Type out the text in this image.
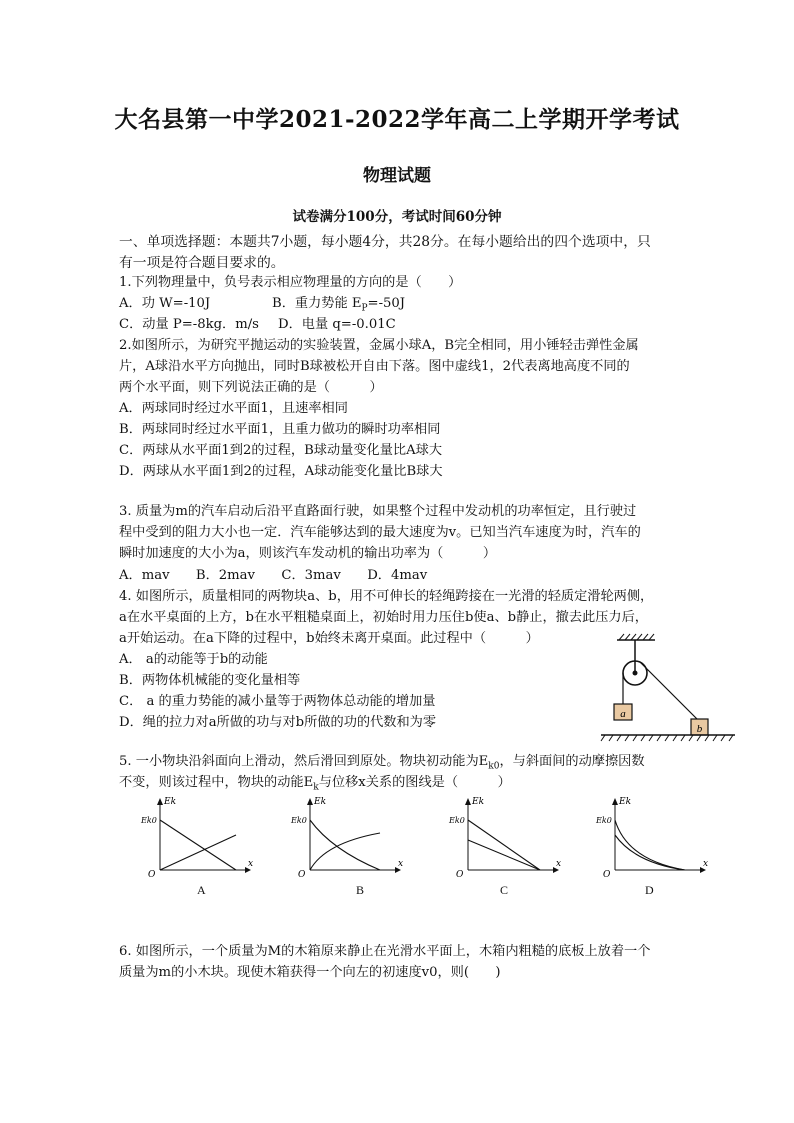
大名县第一中学2021-2022学年高二上学期开学考试
物理试题
试卷满分100分，考试时间60分钟
一、单项选择题：本题共7小题，每小题4分，共28分。在每小题给出的四个选项中，只
有一项是符合题目要求的。
1.下列物理量中，负号表示相应物理量的方向的是（　　）
A．功 W=-10J	B．重力势能 $E_P=-50J$
C．动量 P=-8kg．m/s D．电量 q=-0.01C
2.如图所示，为研究平抛运动的实验装置，金属小球A，B完全相同，用小锤轻击弹性金属
片，A球沿水平方向抛出，同时B球被松开自由下落。图中虚线1，2代表离地高度不同的
两个水平面，则下列说法正确的是（　　　）
A．两球同时经过水平面1，且速率相同
B．两球同时经过水平面1，且重力做功的瞬时功率相同
C．两球从水平面1到2的过程，B球动量变化量比A球大
D．两球从水平面1到2的过程，A球动能变化量比B球大
3. 质量为m的汽车启动后沿平直路面行驶，如果整个过程中发动机的功率恒定，且行驶过
程中受到的阻力大小也一定．汽车能够达到的最大速度为v。已知当汽车速度为时，汽车的
瞬时加速度的大小为a，则该汽车发动机的输出功率为（　　　）
A．mav　　B．2mav　　C．3mav　　D．4mav
4. 如图所示，质量相同的两物块a、b，用不可伸长的轻绳跨接在一光滑的轻质定滑轮两侧，
a在水平桌面的上方，b在水平粗糙桌面上，初始时用力压住b使a、b静止，撤去此压力后，
a开始运动。在a下降的过程中，b始终未离开桌面。此过程中（　　　）
A． a的动能等于b的动能
B．两物体机械能的变化量相等
C． a 的重力势能的减小量等于两物体总动能的增加量
D．绳的拉力对a所做的功与对b所做的功的代数和为零
a
b
5. 一小物块沿斜面向上滑动，然后滑回到原处。物块初动能为$E_{k0}$，与斜面间的动摩擦因数
不变，则该过程中，物块的动能$E_k$与位移x关系的图线是（　　　）
Ek
Ek0
x
O
A
Ek
Ek0
x
O
B
Ek
Ek0
x
O
C
Ek
Ek0
x
O
D
6. 如图所示，一个质量为M的木箱原来静止在光滑水平面上，木箱内粗糙的底板上放着一个
质量为m的小木块。现使木箱获得一个向左的初速度v0，则(　　)
